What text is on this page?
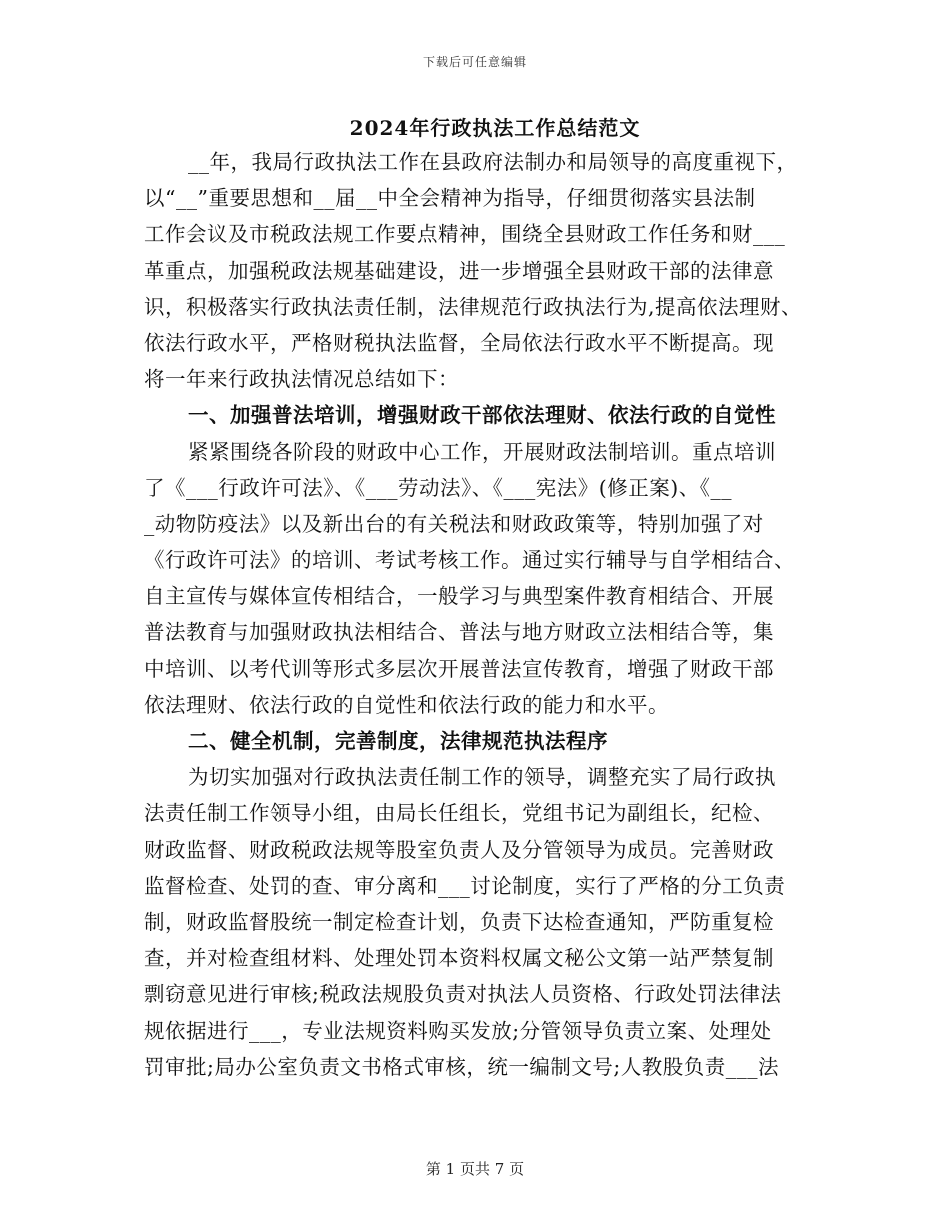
下载后可任意编辑
2024年行政执法工作总结范文
__年，我局行政执法工作在县政府法制办和局领导的高度重视下，
以“__”重要思想和__届__中全会精神为指导，仔细贯彻落实县法制
工作会议及市税政法规工作要点精神，围绕全县财政工作任务和财___
革重点，加强税政法规基础建设，进一步增强全县财政干部的法律意
识，积极落实行政执法责任制，法律规范行政执法行为,提高依法理财、
依法行政水平，严格财税执法监督，全局依法行政水平不断提高。现
将一年来行政执法情况总结如下：
一、加强普法培训，增强财政干部依法理财、依法行政的自觉性
紧紧围绕各阶段的财政中心工作，开展财政法制培训。重点培训
了《___行政许可法》、《___劳动法》、《___宪法》(修正案)、《__
_动物防疫法》以及新出台的有关税法和财政政策等，特别加强了对
《行政许可法》的培训、考试考核工作。通过实行辅导与自学相结合、
自主宣传与媒体宣传相结合，一般学习与典型案件教育相结合、开展
普法教育与加强财政执法相结合、普法与地方财政立法相结合等，集
中培训、以考代训等形式多层次开展普法宣传教育，增强了财政干部
依法理财、依法行政的自觉性和依法行政的能力和水平。
二、健全机制，完善制度，法律规范执法程序
为切实加强对行政执法责任制工作的领导，调整充实了局行政执
法责任制工作领导小组，由局长任组长，党组书记为副组长，纪检、
财政监督、财政税政法规等股室负责人及分管领导为成员。完善财政
监督检查、处罚的查、审分离和___讨论制度，实行了严格的分工负责
制，财政监督股统一制定检查计划，负责下达检查通知，严防重复检
查，并对检查组材料、处理处罚本资料权属文秘公文第一站严禁复制
剽窃意见进行审核;税政法规股负责对执法人员资格、行政处罚法律法
规依据进行___，专业法规资料购买发放;分管领导负责立案、处理处
罚审批;局办公室负责文书格式审核，统一编制文号;人教股负责___法
第 1 页共 7 页
